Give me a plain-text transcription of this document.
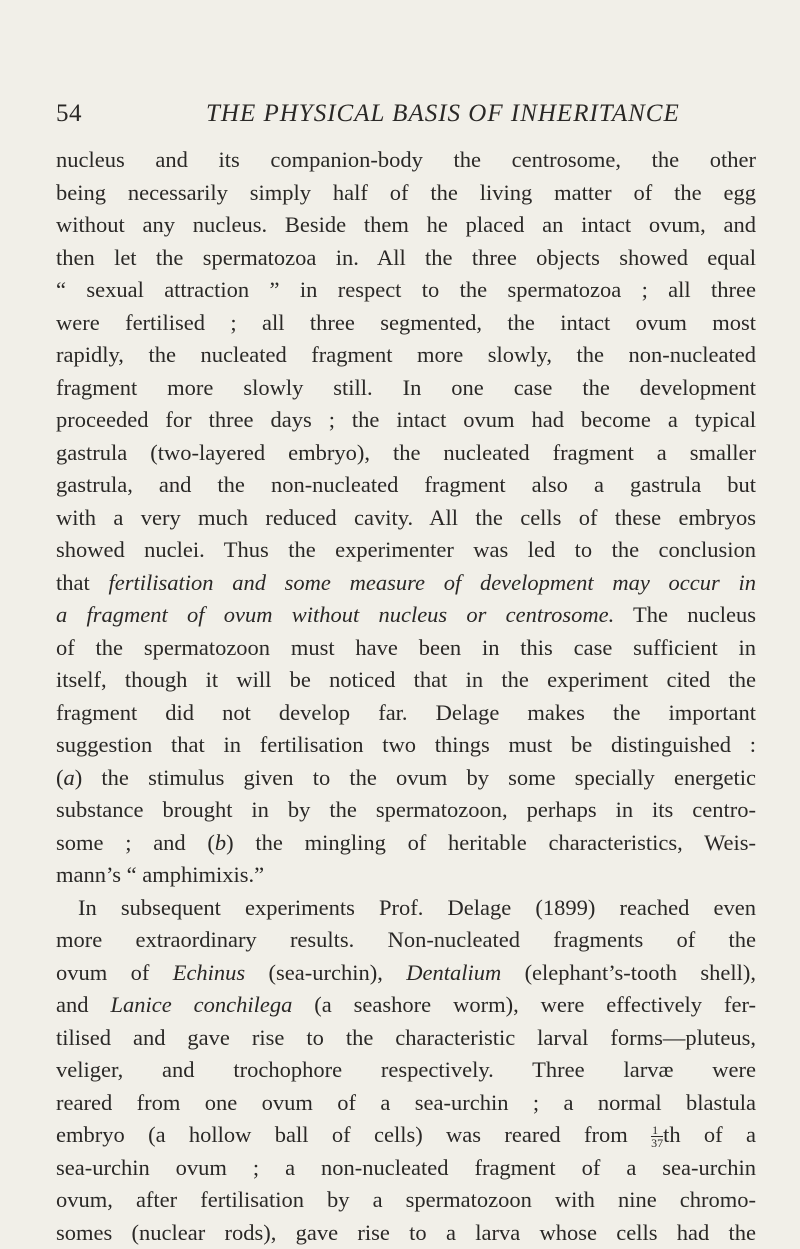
54	THE PHYSICAL BASIS OF INHERITANCE
nucleus and its companion-body the centrosome, the other
being necessarily simply half of the living matter of the egg
without any nucleus. Beside them he placed an intact ovum, and
then let the spermatozoa in. All the three objects showed equal
“ sexual attraction ” in respect to the spermatozoa ; all three
were fertilised ; all three segmented, the intact ovum most
rapidly, the nucleated fragment more slowly, the non-nucleated
fragment more slowly still. In one case the development
proceeded for three days ; the intact ovum had become a typical
gastrula (two-layered embryo), the nucleated fragment a smaller
gastrula, and the non-nucleated fragment also a gastrula but
with a very much reduced cavity. All the cells of these embryos
showed nuclei. Thus the experimenter was led to the conclusion
that fertilisation and some measure of development may occur in
a fragment of ovum without nucleus or centrosome. The nucleus
of the spermatozoon must have been in this case sufficient in
itself, though it will be noticed that in the experiment cited the
fragment did not develop far. Delage makes the important
suggestion that in fertilisation two things must be distinguished :
(a) the stimulus given to the ovum by some specially energetic
substance brought in by the spermatozoon, perhaps in its centro-
some ; and (b) the mingling of heritable characteristics, Weis-
mann’s “ amphimixis.”
In subsequent experiments Prof. Delage (1899) reached even
more extraordinary results. Non-nucleated fragments of the
ovum of Echinus (sea-urchin), Dentalium (elephant’s-tooth shell),
and Lanice conchilega (a seashore worm), were effectively fer-
tilised and gave rise to the characteristic larval forms—pluteus,
veliger, and trochophore respectively. Three larvæ were
reared from one ovum of a sea-urchin ; a normal blastula
embryo (a hollow ball of cells) was reared from $\frac{1}{37}$ th of a
sea-urchin ovum ; a non-nucleated fragment of a sea-urchin
ovum, after fertilisation by a spermatozoon with nine chromo-
somes (nuclear rods), gave rise to a larva whose cells had the
